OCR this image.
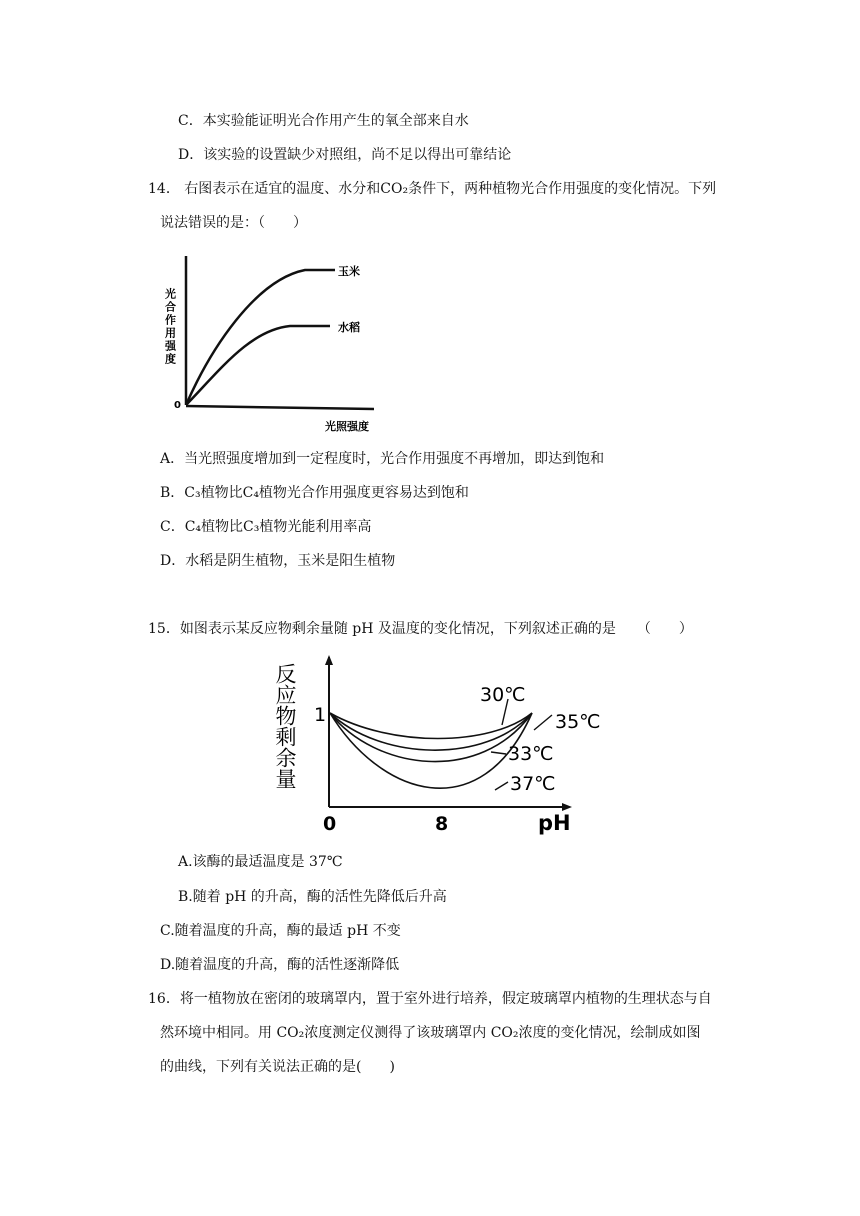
C．本实验能证明光合作用产生的氧全部来自水
D．该实验的设置缺少对照组，尚不足以得出可靠结论
14． 右图表示在适宜的温度、水分和CO₂条件下，两种植物光合作用强度的变化情况。下列
说法错误的是：（　　）
光合作用强度
0
玉米
水稻
光照强度
A．当光照强度增加到一定程度时，光合作用强度不再增加，即达到饱和
B．C₃植物比C₄植物光合作用强度更容易达到饱和
C．C₄植物比C₃植物光能利用率高
D．水稻是阴生植物，玉米是阳生植物
15．如图表示某反应物剩余量随 pH 及温度的变化情况，下列叙述正确的是　　（　　）
反应物剩余量 1
0	8	pH
30℃
35℃
33℃
37℃
A.该酶的最适温度是 37℃
B.随着 pH 的升高，酶的活性先降低后升高
C.随着温度的升高，酶的最适 pH 不变
D.随着温度的升高，酶的活性逐渐降低
16．将一植物放在密闭的玻璃罩内，置于室外进行培养，假定玻璃罩内植物的生理状态与自
然环境中相同。用 CO₂浓度测定仪测得了该玻璃罩内 CO₂浓度的变化情况，绘制成如图
的曲线，下列有关说法正确的是(　　)
